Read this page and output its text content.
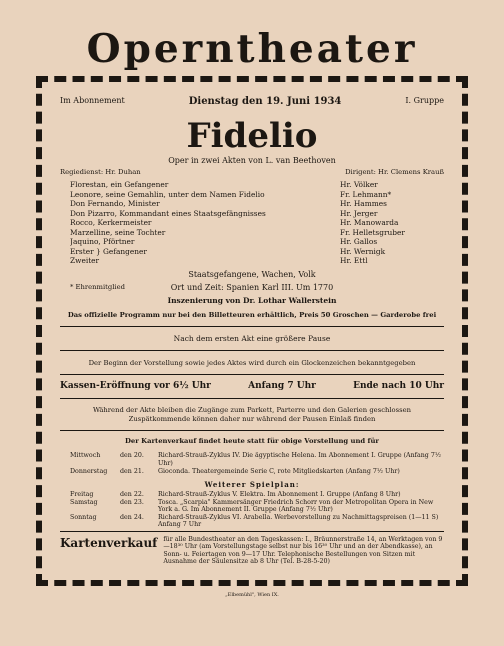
Operntheater
Im Abonnement	Dienstag den 19. Juni 1934	I. Gruppe
Fidelio
Oper in zwei Akten von L. van Beethoven
Regiedienst: Hr. Duhan	Dirigent: Hr. Clemens Krauß
Florestan, ein Gefangener	Hr. Völker
Leonore, seine Gemahlin, unter dem Namen Fidelio	Fr. Lehmann*
Don Fernando, Minister	Hr. Hammes
Don Pizarro, Kommandant eines Staatsgefängnisses	Hr. Jerger
Rocco, Kerkermeister	Hr. Manowarda
Marzelline, seine Tochter	Fr. Helletsgruber
Jaquino, Pförtner	Hr. Gallos
Erster } Gefangener	Hr. Wernigk
Zweiter	Hr. Ettl
Staatsgefangene, Wachen, Volk
* Ehrenmitglied	Ort und Zeit: Spanien Karl III. Um 1770
Inszenierung von Dr. Lothar Wallerstein
Das offizielle Programm nur bei den Billetteuren erhältlich, Preis 50 Groschen — Garderobe frei
Nach dem ersten Akt eine größere Pause
Der Beginn der Vorstellung sowie jedes Aktes wird durch ein Glockenzeichen bekanntgegeben
Kassen-Eröffnung vor 6½ Uhr	Anfang 7 Uhr	Ende nach 10 Uhr
Während der Akte bleiben die Zugänge zum Parkett, Parterre und den Galerien geschlossen
Zuspätkommende können daher nur während der Pausen Einlaß finden
Der Kartenverkauf findet heute statt für obige Vorstellung und für
Mittwoch	den 20.	Richard-Strauß-Zyklus IV. Die ägyptische Helena. Im Abonnement I. Gruppe (Anfang 7½ Uhr)
Donnerstag	den 21.	Gioconda. Theatergemeinde Serie C, rote Mitgliedskarten (Anfang 7½ Uhr)
Weiterer Spielplan:
Freitag	den 22.	Richard-Strauß-Zyklus V. Elektra. Im Abonnement I. Gruppe (Anfang 8 Uhr)
Samstag	den 23.	Tosca. „Scarpia" Kammersänger Friedrich Schorr von der Metropolitan Opera in New York a. G. Im Abonnement II. Gruppe (Anfang 7½ Uhr)
Sonntag	den 24.	Richard-Strauß-Zyklus VI. Arabella. Werbevorstellung zu Nachmittagspreisen (1—11 S) Anfang 7 Uhr
Kartenverkauf für alle Bundestheater an den Tageskassen: I., Bräunnerstraße 14, an Werktagen von 9—18³⁰ Uhr (am Vorstellungstage selbst nur bis 16³⁰ Uhr und an der Abendkasse), an Sonn- u. Feiertagen von 9—17 Uhr. Telephonische Bestellungen von Sitzen mit Ausnahme der Säulensitze ab 8 Uhr (Tel. B-28-5-20)
„Elbemühl", Wien IX.
